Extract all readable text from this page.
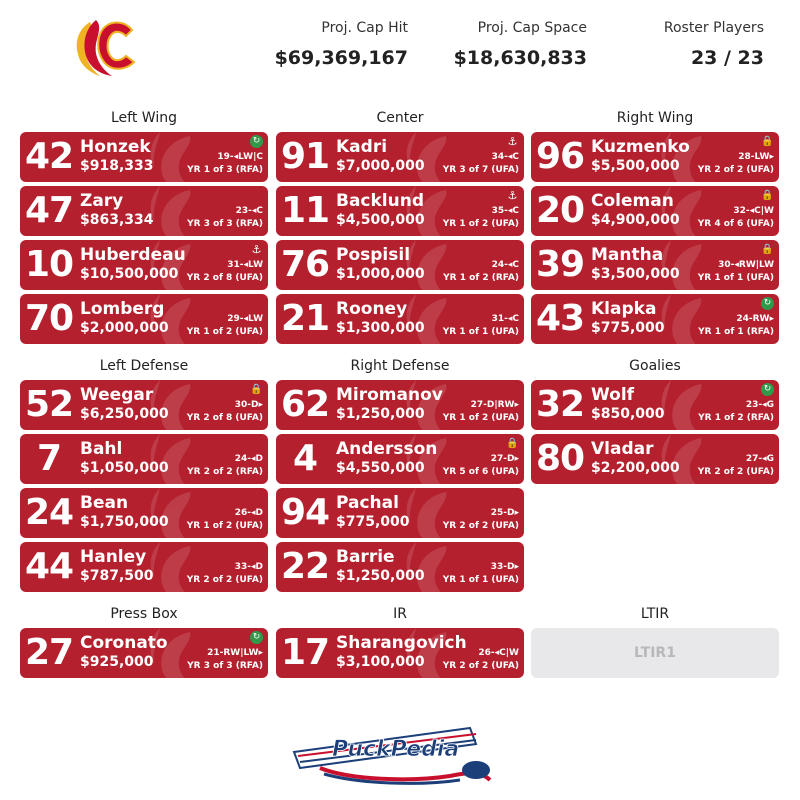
Proj. Cap Hit
$69,369,167
Proj. Cap Space
$18,630,833
Roster Players
23 / 23
Left Wing	Center	Right Wing
Left Defense	Right Defense	Goalies
Press Box	IR	LTIR
42 Honzek
$918,333
↻
19-◂LW|C
YR 1 of 3 (RFA)
47 Zary
$863,334
23-◂C
YR 3 of 3 (RFA)
10 Huberdeau
$10,500,000
⚓
31-◂LW
YR 2 of 8 (UFA)
70 Lomberg
$2,000,000
29-◂LW
YR 1 of 2 (UFA)
91 Kadri
$7,000,000
⚓
34-◂C
YR 3 of 7 (UFA)
11 Backlund
$4,500,000
⚓
35-◂C
YR 1 of 2 (UFA)
76 Pospisil
$1,000,000
24-◂C
YR 1 of 2 (RFA)
21 Rooney
$1,300,000
31-◂C
YR 1 of 1 (UFA)
96 Kuzmenko
$5,500,000
🔒
28-LW▸
YR 2 of 2 (UFA)
20 Coleman
$4,900,000
🔒
32-◂C|W
YR 4 of 6 (UFA)
39 Mantha
$3,500,000
🔒
30-◂RW|LW
YR 1 of 1 (UFA)
43 Klapka
$775,000
↻
24-RW▸
YR 1 of 1 (RFA)
52 Weegar
$6,250,000
🔒
30-D▸
YR 2 of 8 (UFA)
7	Bahl
$1,050,000
24-◂D
YR 2 of 2 (RFA)
24 Bean
$1,750,000
26-◂D
YR 1 of 2 (UFA)
44 Hanley
$787,500
33-◂D
YR 2 of 2 (UFA)
62 Miromanov
$1,250,000
27-D|RW▸
YR 1 of 2 (UFA)
4	Andersson
$4,550,000
🔒
27-D▸
YR 5 of 6 (UFA)
94 Pachal
$775,000
25-D▸
YR 2 of 2 (UFA)
22 Barrie
$1,250,000
33-D▸
YR 1 of 1 (UFA)
32 Wolf
$850,000
↻
23-◂G
YR 1 of 2 (RFA)
80 Vladar
$2,200,000
27-◂G
YR 2 of 2 (UFA)
27 Coronato
$925,000
↻
21-RW|LW▸
YR 3 of 3 (RFA) 17 Sharangovich
$3,100,000
26-◂C|W
YR 2 of 2 (UFA)
LTIR1
PuckPedia
